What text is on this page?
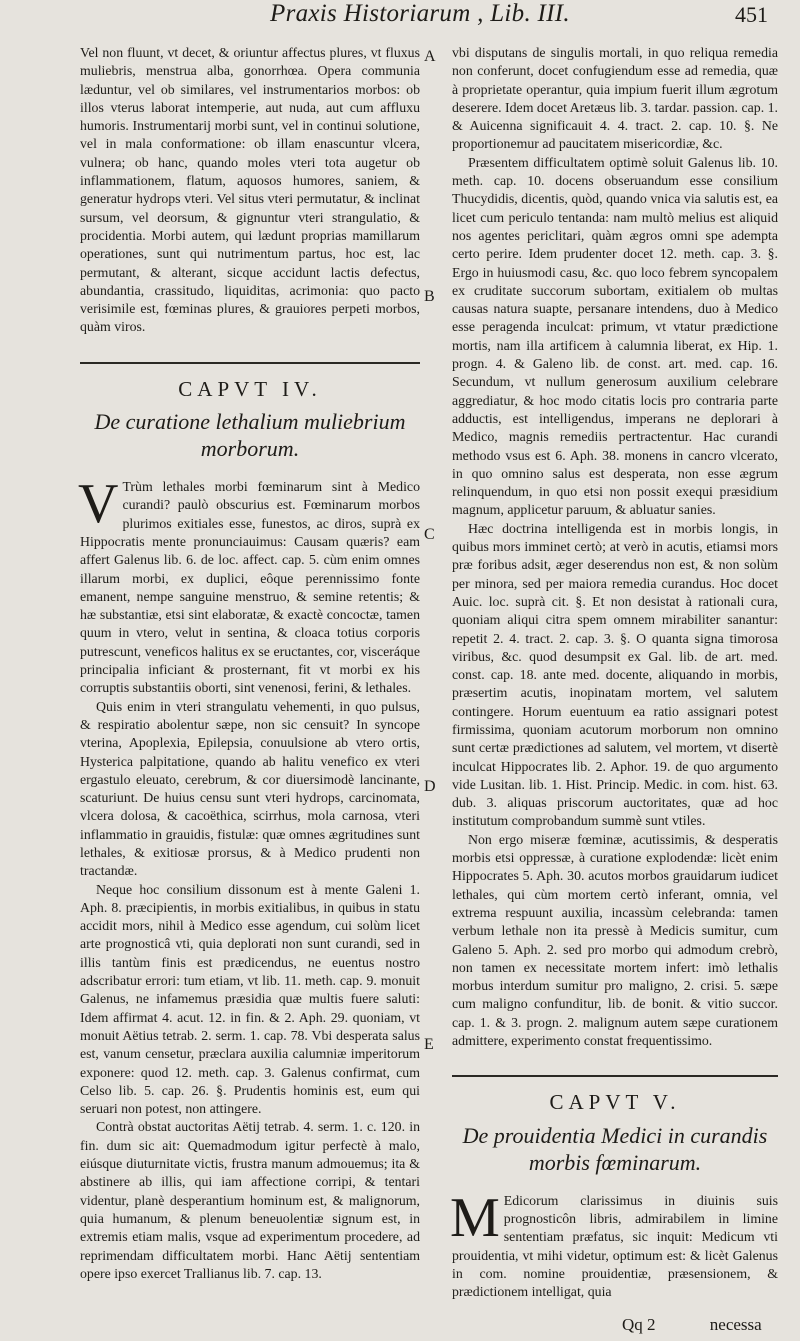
Praxis Historiarum , Lib. III.	451
A
B
C
D
E

Vel non fluunt, vt decet, & oriuntur affectus plures, vt fluxus muliebris, menstrua alba, gonorrhœa. Opera communia læduntur, vel ob similares, vel instrumentarios morbos: ob illos vterus laborat intemperie, aut nuda, aut cum affluxu humoris. Instrumentarij morbi sunt, vel in continui solutione, vel in mala conformatione: ob illam enascuntur vlcera, vulnera; ob hanc, quando moles vteri tota augetur ob inflammationem, flatum, aquosos humores, saniem, & generatur hydrops vteri. Vel situs vteri permutatur, & inclinat sursum, vel deorsum, & gignuntur vteri strangulatio, & procidentia. Morbi autem, qui lædunt proprias mamillarum operationes, sunt qui nutrimentum partus, hoc est, lac permutant, & alterant, sicque accidunt lactis defectus, abundantia, crassitudo, liquiditas, acrimonia: quo pacto verisimile est, fœminas plures, & grauiores perpeti morbos, quàm viros.

CAPVT IV.

De curatione lethalium muliebrium morborum.

V Trùm lethales morbi fœminarum sint à Medico curandi? paulò obscurius est. Fœminarum morbos plurimos exitiales esse, funestos, ac diros, suprà ex Hippocratis mente pronunciauimus: Causam quæris? eam affert Galenus lib. 6. de loc. affect. cap. 5. cùm enim omnes illarum morbi, ex duplici, eôque perennissimo fonte emanent, nempe sanguine menstruo, & semine retentis; & hæ substantiæ, etsi sint elaboratæ, & exactè concoctæ, tamen quum in vtero, velut in sentina, & cloaca totius corporis putrescunt, veneficos halitus ex se eructantes, cor, visceráque principalia inficiant & prosternant, fit vt morbi ex his corruptis substantiis oborti, sint venenosi, ferini, & lethales.

Quis enim in vteri strangulatu vehementi, in quo pulsus, & respiratio abolentur sæpe, non sic censuit? In syncope vterina, Apoplexia, Epilepsia, conuulsione ab vtero ortis, Hysterica palpitatione, quando ab halitu venefico ex vteri ergastulo eleuato, cerebrum, & cor diuersimodè lancinante, scaturiunt. De huius censu sunt vteri hydrops, carcinomata, vlcera dolosa, & cacoëthica, scirrhus, mola carnosa, vteri inflammatio in grauidis, fistulæ: quæ omnes ægritudines sunt lethales, & exitiosæ prorsus, & à Medico prudenti non tractandæ.

Neque hoc consilium dissonum est à mente Galeni 1. Aph. 8. præcipientis, in morbis exitialibus, in quibus in statu accidit mors, nihil à Medico esse agendum, cui solùm licet arte prognosticâ vti, quia deplorati non sunt curandi, sed in illis tantùm finis est prædicendus, ne euentus nostro adscribatur errori: tum etiam, vt lib. 11. meth. cap. 9. monuit Galenus, ne infamemus præsidia quæ multis fuere saluti: Idem affirmat 4. acut. 12. in fin. & 2. Aph. 29. quoniam, vt monuit Aëtius tetrab. 2. serm. 1. cap. 78. Vbi desperata salus est, vanum censetur, præclara auxilia calumniæ imperitorum exponere: quod 12. meth. cap. 3. Galenus confirmat, cum Celso lib. 5. cap. 26. §. Prudentis hominis est, eum qui seruari non potest, non attingere.

Contrà obstat auctoritas Aëtij tetrab. 4. serm. 1. c. 120. in fin. dum sic ait: Quemadmodum igitur perfectè à malo, eiúsque diuturnitate victis, frustra manum admouemus; ita & abstinere ab illis, qui iam affectione corripi, & tentari videntur, planè desperantium hominum est, & malignorum, quia humanum, & plenum beneuolentiæ signum est, in extremis etiam malis, vsque ad experimentum procedere, ad reprimendam difficultatem morbi. Hanc Aëtij sententiam opere ipso exercet Trallianus lib. 7. cap. 13.

vbi disputans de singulis mortali, in quo reliqua remedia non conferunt, docet confugiendum esse ad remedia, quæ à proprietate operantur, quia impium fuerit illum ægrotum deserere. Idem docet Aretæus lib. 3. tardar. passion. cap. 1. & Auicenna significauit 4. 4. tract. 2. cap. 10. §. Ne proportionemur ad paucitatem misericordiæ, &c.

Præsentem difficultatem optimè soluit Galenus lib. 10. meth. cap. 10. docens obseruandum esse consilium Thucydidis, dicentis, quòd, quando vnica via salutis est, ea licet cum periculo tentanda: nam multò melius est aliquid nos agentes periclitari, quàm ægros omni spe adempta certo perire. Idem prudenter docet 12. meth. cap. 3. §. Ergo in huiusmodi casu, &c. quo loco febrem syncopalem ex cruditate succorum subortam, exitialem ob multas causas natura suapte, persanare intendens, duo à Medico esse peragenda inculcat: primum, vt vtatur prædictione mortis, nam illa artificem à calumnia liberat, ex Hip. 1. progn. 4. & Galeno lib. de const. art. med. cap. 16. Secundum, vt nullum generosum auxilium celebrare aggrediatur, & hoc modo citatis locis pro contraria parte adductis, est intelligendus, imperans ne deplorari à Medico, magnis remediis pertractentur. Hac curandi methodo vsus est 6. Aph. 38. monens in cancro vlcerato, in quo omnino salus est desperata, non esse ægrum relinquendum, in quo etsi non possit exequi præsidium magnum, applicetur paruum, & abluatur sanies.

Hæc doctrina intelligenda est in morbis longis, in quibus mors imminet certò; at verò in acutis, etiamsi mors præ foribus adsit, æger deserendus non est, & non solùm per minora, sed per maiora remedia curandus. Hoc docet Auic. loc. suprà cit. §. Et non desistat à rationali cura, quoniam aliqui citra spem omnem mirabiliter sanantur: repetit 2. 4. tract. 2. cap. 3. §. O quanta signa timorosa viribus, &c. quod desumpsit ex Gal. lib. de art. med. const. cap. 18. ante med. docente, aliquando in morbis, præsertim acutis, inopinatam mortem, vel salutem contingere. Horum euentuum ea ratio assignari potest firmissima, quoniam acutorum morborum non omnino sunt certæ prædictiones ad salutem, vel mortem, vt disertè inculcat Hippocrates lib. 2. Aphor. 19. de quo argumento vide Lusitan. lib. 1. Hist. Princip. Medic. in com. hist. 63. dub. 3. aliquas priscorum auctoritates, quæ ad hoc institutum comprobandum summè sunt vtiles.

Non ergo miseræ fœminæ, acutissimis, & desperatis morbis etsi oppressæ, à curatione explodendæ: licèt enim Hippocrates 5. Aph. 30. acutos morbos grauidarum iudicet lethales, qui cùm mortem certò inferant, omnia, vel extrema respuunt auxilia, incassùm celebranda: tamen verbum lethale non ita pressè à Medicis sumitur, cum Galeno 5. Aph. 2. sed pro morbo qui admodum crebrò, non tamen ex necessitate mortem infert: imò lethalis morbus interdum sumitur pro maligno, 2. crisi. 5. sæpe cum maligno confunditur, lib. de bonit. & vitio succor. cap. 1. & 3. progn. 2. malignum autem sæpe curationem admittere, experimento constat frequentissimo.

CAPVT V.

De prouidentia Medici in curandis morbis fœminarum.

M Edicorum clarissimus in diuinis suis prognosticôn libris, admirabilem in limine sententiam præfatus, sic inquit: Medicum vti prouidentia, vt mihi videtur, optimum est: & licèt Galenus in com. nomine prouidentiæ, præsensionem, & prædictionem intelligat, quia

Qq 2	necessa
